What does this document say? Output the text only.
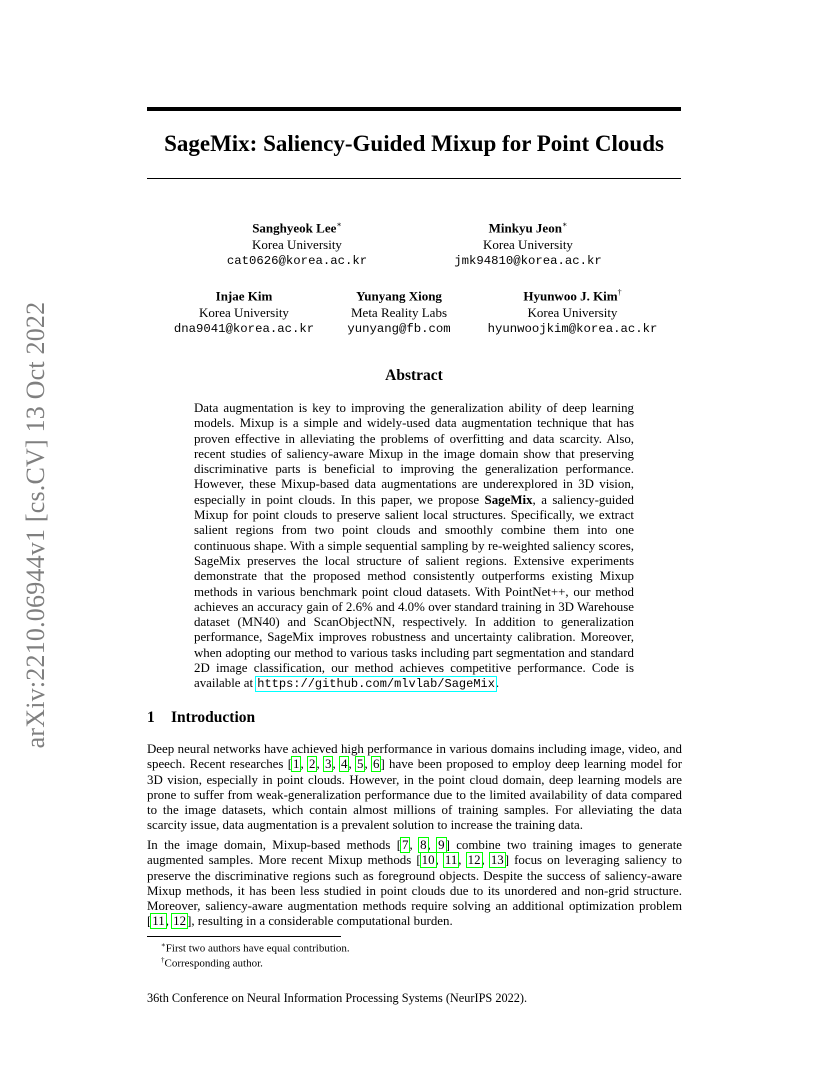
arXiv:2210.06944v1 [cs.CV] 13 Oct 2022
SageMix: Saliency-Guided Mixup for Point Clouds
Sanghyeok Lee∗
Korea University
cat0626@korea.ac.kr
Minkyu Jeon∗
Korea University
jmk94810@korea.ac.kr
Injae Kim
Korea University
dna9041@korea.ac.kr
Yunyang Xiong
Meta Reality Labs
yunyang@fb.com
Hyunwoo J. Kim†
Korea University
hyunwoojkim@korea.ac.kr
Abstract

Data augmentation is key to improving the generalization ability of deep learning models. Mixup is a simple and widely-used data augmentation technique that has proven effective in alleviating the problems of overfitting and data scarcity. Also, recent studies of saliency-aware Mixup in the image domain show that preserving discriminative parts is beneficial to improving the generalization performance. However, these Mixup-based data augmentations are underexplored in 3D vision, especially in point clouds. In this paper, we propose SageMix, a saliency-guided Mixup for point clouds to preserve salient local structures. Specifically, we extract salient regions from two point clouds and smoothly combine them into one continuous shape. With a simple sequential sampling by re-weighted saliency scores, SageMix preserves the local structure of salient regions. Extensive experiments demonstrate that the proposed method consistently outperforms existing Mixup methods in various benchmark point cloud datasets. With PointNet++, our method achieves an accuracy gain of 2.6% and 4.0% over standard training in 3D Warehouse dataset (MN40) and ScanObjectNN, respectively. In addition to generalization performance, SageMix improves robustness and uncertainty calibration. Moreover, when adopting our method to various tasks including part segmentation and standard 2D image classification, our method achieves competitive performance. Code is available at https://github.com/mlvlab/SageMix.

1 Introduction

Deep neural networks have achieved high performance in various domains including image, video, and speech. Recent researches [1, 2, 3, 4, 5, 6] have been proposed to employ deep learning model for 3D vision, especially in point clouds. However, in the point cloud domain, deep learning models are prone to suffer from weak-generalization performance due to the limited availability of data compared to the image datasets, which contain almost millions of training samples. For alleviating the data scarcity issue, data augmentation is a prevalent solution to increase the training data.

In the image domain, Mixup-based methods [7, 8, 9] combine two training images to generate augmented samples. More recent Mixup methods [10, 11, 12, 13] focus on leveraging saliency to preserve the discriminative regions such as foreground objects. Despite the success of saliency-aware Mixup methods, it has been less studied in point clouds due to its unordered and non-grid structure. Moreover, saliency-aware augmentation methods require solving an additional optimization problem [11, 12], resulting in a considerable computational burden.

∗First two authors have equal contribution.

†Corresponding author.

36th Conference on Neural Information Processing Systems (NeurIPS 2022).
